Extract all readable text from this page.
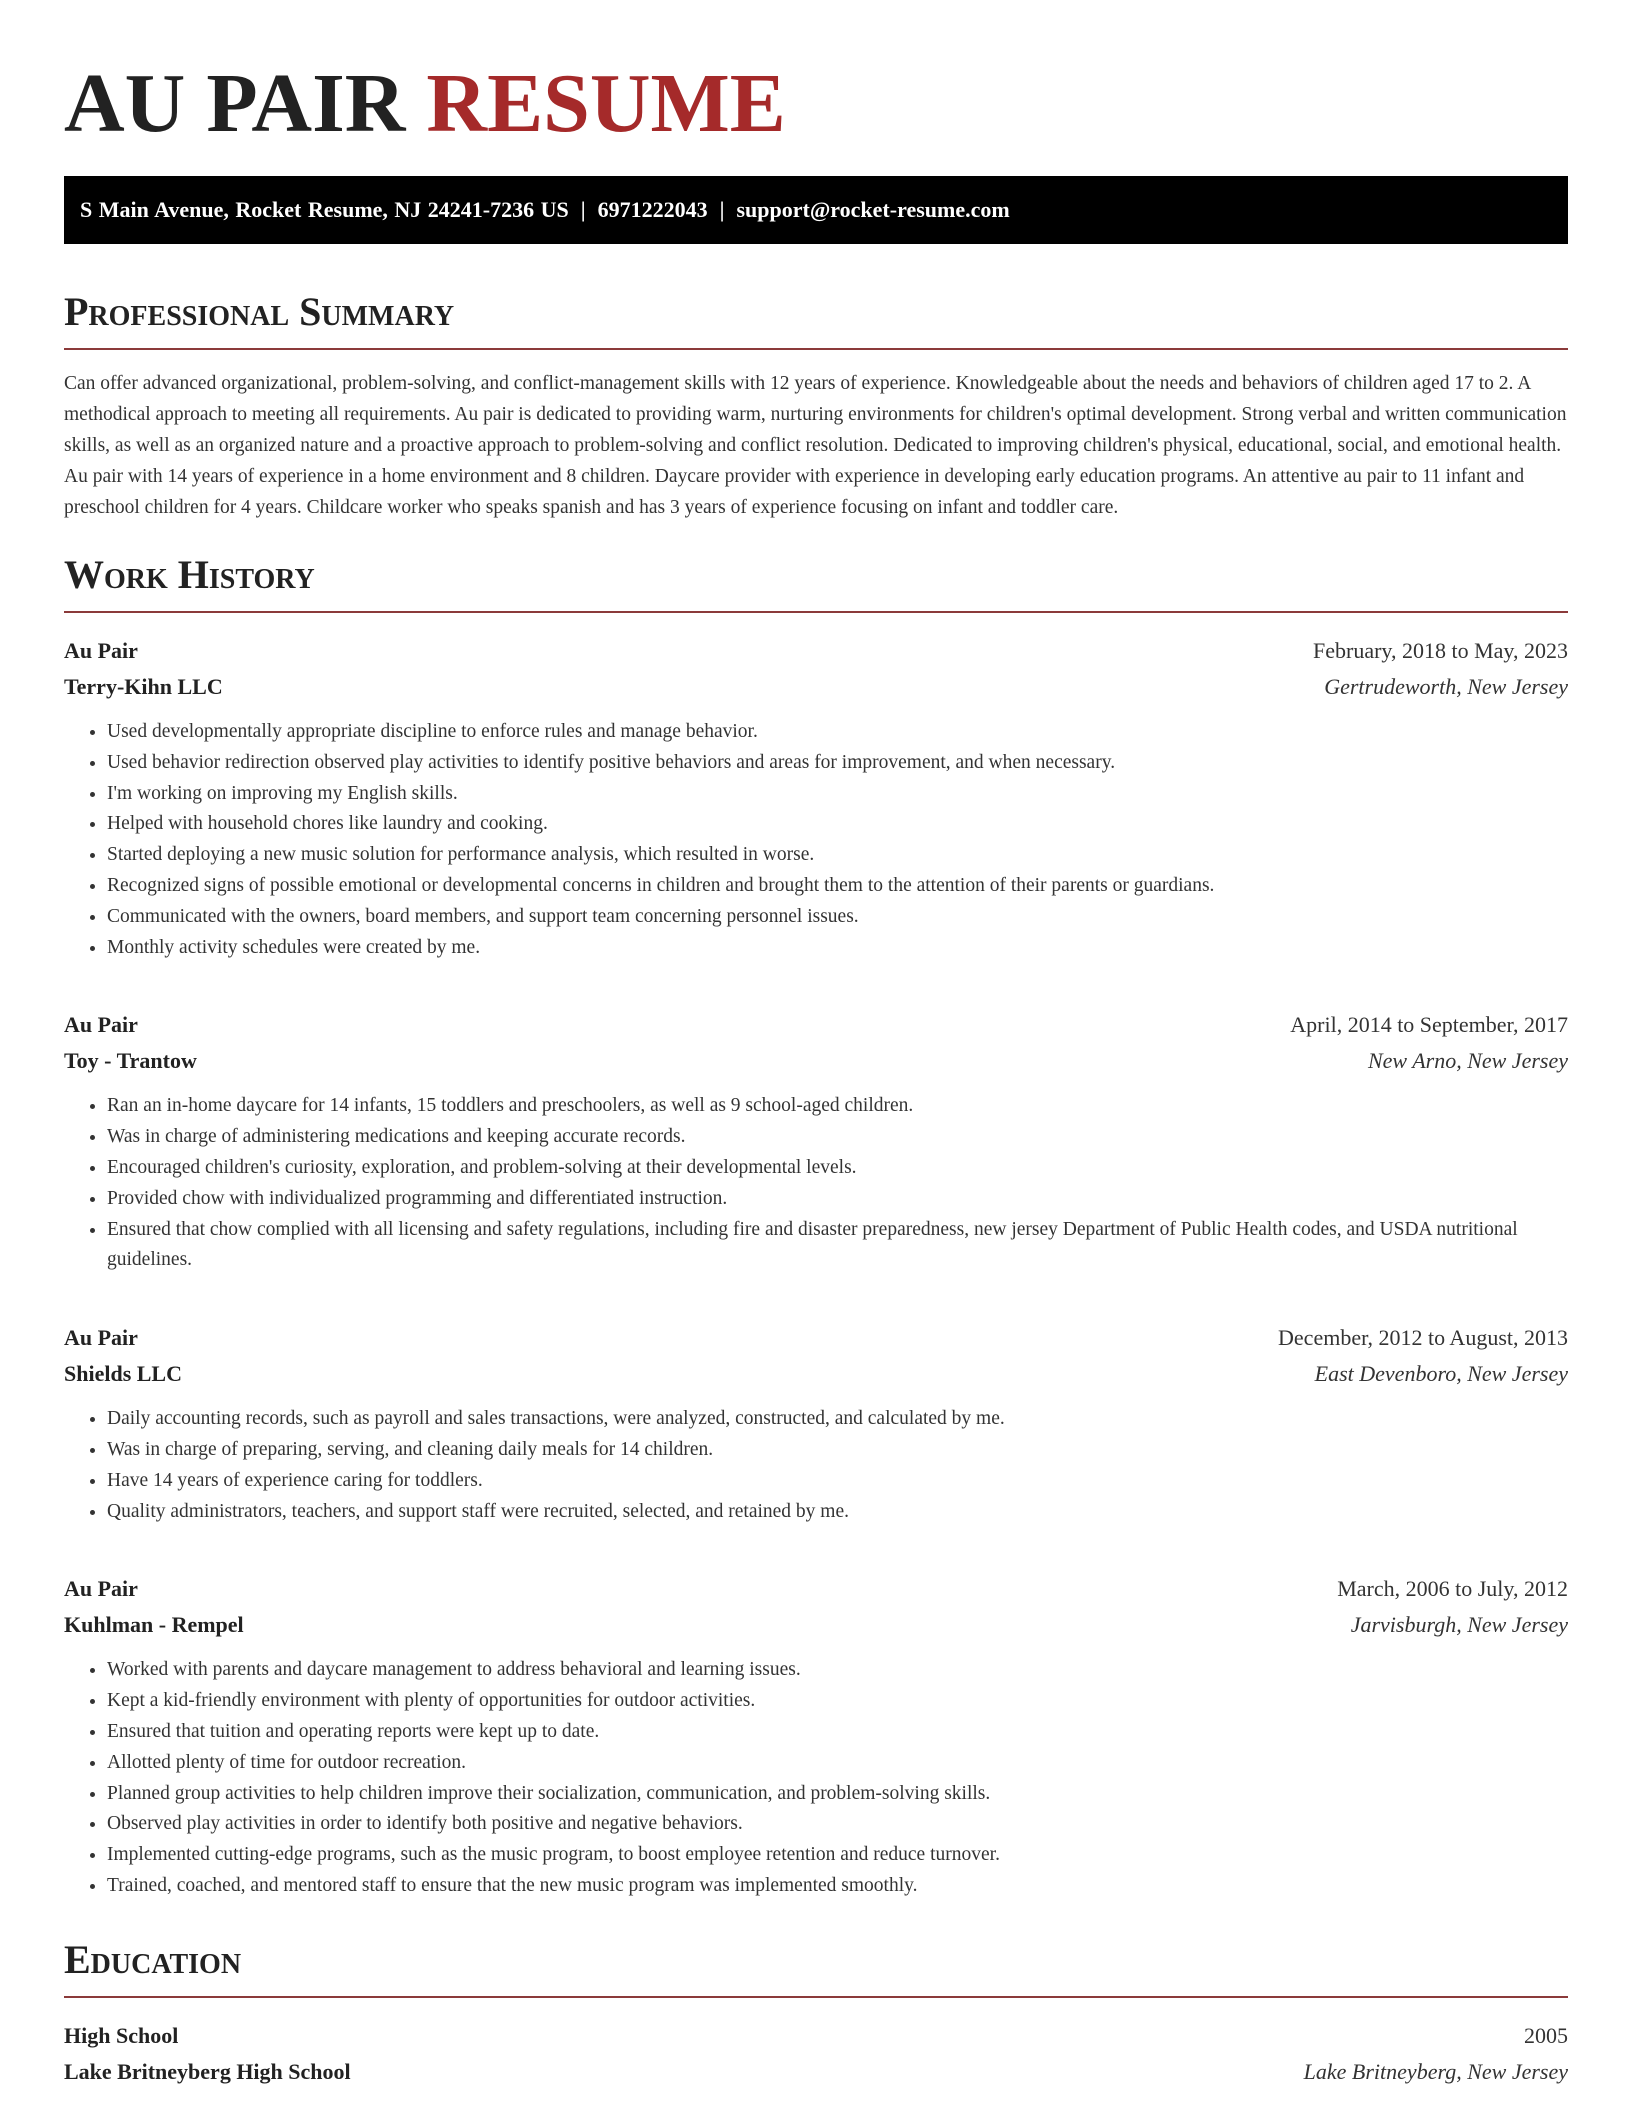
AU PAIR RESUME
S Main Avenue, Rocket Resume, NJ 24241-7236 US | 6971222043 | support@rocket-resume.com
Professional Summary

Can offer advanced organizational, problem-solving, and conflict-management skills with 12 years of experience. Knowledgeable about the needs and behaviors of children aged 17 to 2. A methodical approach to meeting all requirements. Au pair is dedicated to providing warm, nurturing environments for children's optimal development. Strong verbal and written communication skills, as well as an organized nature and a proactive approach to problem-solving and conflict resolution. Dedicated to improving children's physical, educational, social, and emotional health. Au pair with 14 years of experience in a home environment and 8 children. Daycare provider with experience in developing early education programs. An attentive au pair to 11 infant and preschool children for 4 years. Childcare worker who speaks spanish and has 3 years of experience focusing on infant and toddler care.

Work History
Au Pair	February, 2018 to May, 2023
Terry-Kihn LLC	Gertrudeworth, New Jersey
• Used developmentally appropriate discipline to enforce rules and manage behavior.
• Used behavior redirection observed play activities to identify positive behaviors and areas for improvement, and when necessary.
• I'm working on improving my English skills.
• Helped with household chores like laundry and cooking.
• Started deploying a new music solution for performance analysis, which resulted in worse.
• Recognized signs of possible emotional or developmental concerns in children and brought them to the attention of their parents or guardians.
• Communicated with the owners, board members, and support team concerning personnel issues.
• Monthly activity schedules were created by me.
Au Pair	April, 2014 to September, 2017
Toy - Trantow	New Arno, New Jersey
• Ran an in-home daycare for 14 infants, 15 toddlers and preschoolers, as well as 9 school-aged children.
• Was in charge of administering medications and keeping accurate records.
• Encouraged children's curiosity, exploration, and problem-solving at their developmental levels.
• Provided chow with individualized programming and differentiated instruction.
• Ensured that chow complied with all licensing and safety regulations, including fire and disaster preparedness, new jersey Department of Public Health codes, and USDA nutritional guidelines.
Au Pair	December, 2012 to August, 2013
Shields LLC	East Devenboro, New Jersey
• Daily accounting records, such as payroll and sales transactions, were analyzed, constructed, and calculated by me.
• Was in charge of preparing, serving, and cleaning daily meals for 14 children.
• Have 14 years of experience caring for toddlers.
• Quality administrators, teachers, and support staff were recruited, selected, and retained by me.
Au Pair	March, 2006 to July, 2012
Kuhlman - Rempel	Jarvisburgh, New Jersey
• Worked with parents and daycare management to address behavioral and learning issues.
• Kept a kid-friendly environment with plenty of opportunities for outdoor activities.
• Ensured that tuition and operating reports were kept up to date.
• Allotted plenty of time for outdoor recreation.
• Planned group activities to help children improve their socialization, communication, and problem-solving skills.
• Observed play activities in order to identify both positive and negative behaviors.
• Implemented cutting-edge programs, such as the music program, to boost employee retention and reduce turnover.
• Trained, coached, and mentored staff to ensure that the new music program was implemented smoothly.
Education
High School	2005
Lake Britneyberg High School	Lake Britneyberg, New Jersey
